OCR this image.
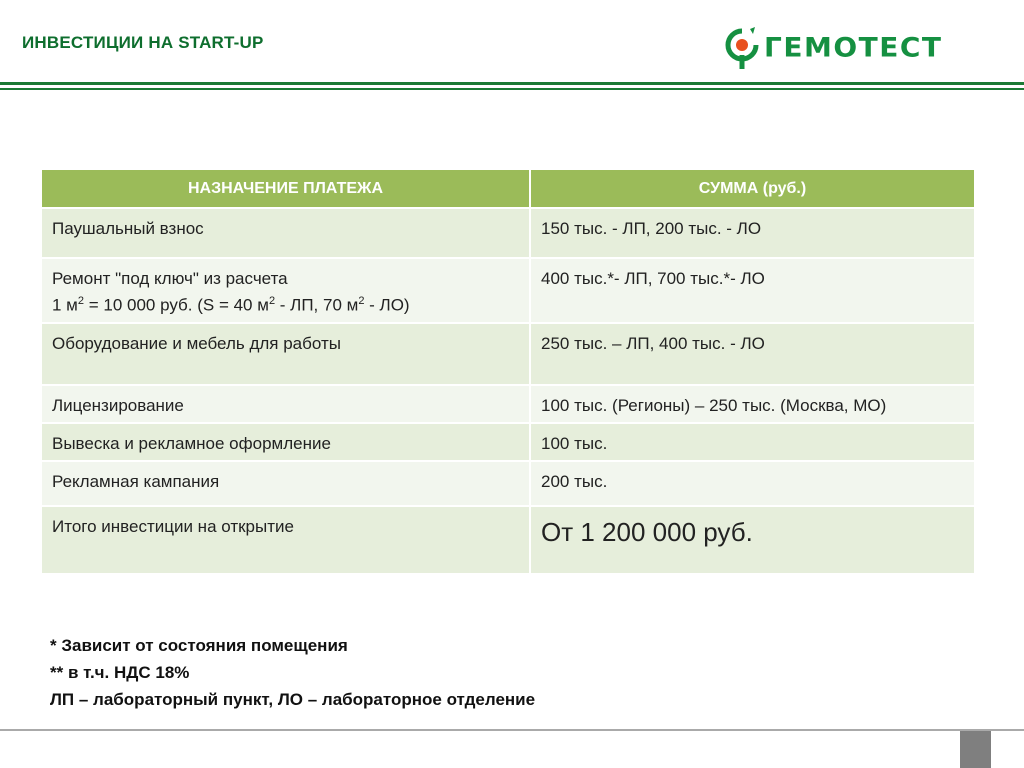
ИНВЕСТИЦИИ НА START-UP	ГЕМОТЕСТ
НАЗНАЧЕНИЕ ПЛАТЕЖА	СУММА (руб.)
Паушальный взнос	150 тыс. - ЛП, 200 тыс. - ЛО
Ремонт "под ключ" из расчета
1 $м^2 = 10$ 000 руб. (S = 40 $м^2$ - ЛП, 70 $м^2 - ЛО$)	400 тыс.*- ЛП, 700 тыс.*- ЛО
Оборудование и мебель для работы	250 тыс. – ЛП, 400 тыс. - ЛО
Лицензирование	100 тыс. (Регионы) – 250 тыс. (Москва, МО)
Вывеска и рекламное оформление	100 тыс.
Рекламная кампания	200 тыс.
Итого инвестиции на открытие	От 1 200 000 руб.
* Зависит от состояния помещения
** в т.ч. НДС 18%
ЛП – лабораторный пункт, ЛО – лабораторное отделение
